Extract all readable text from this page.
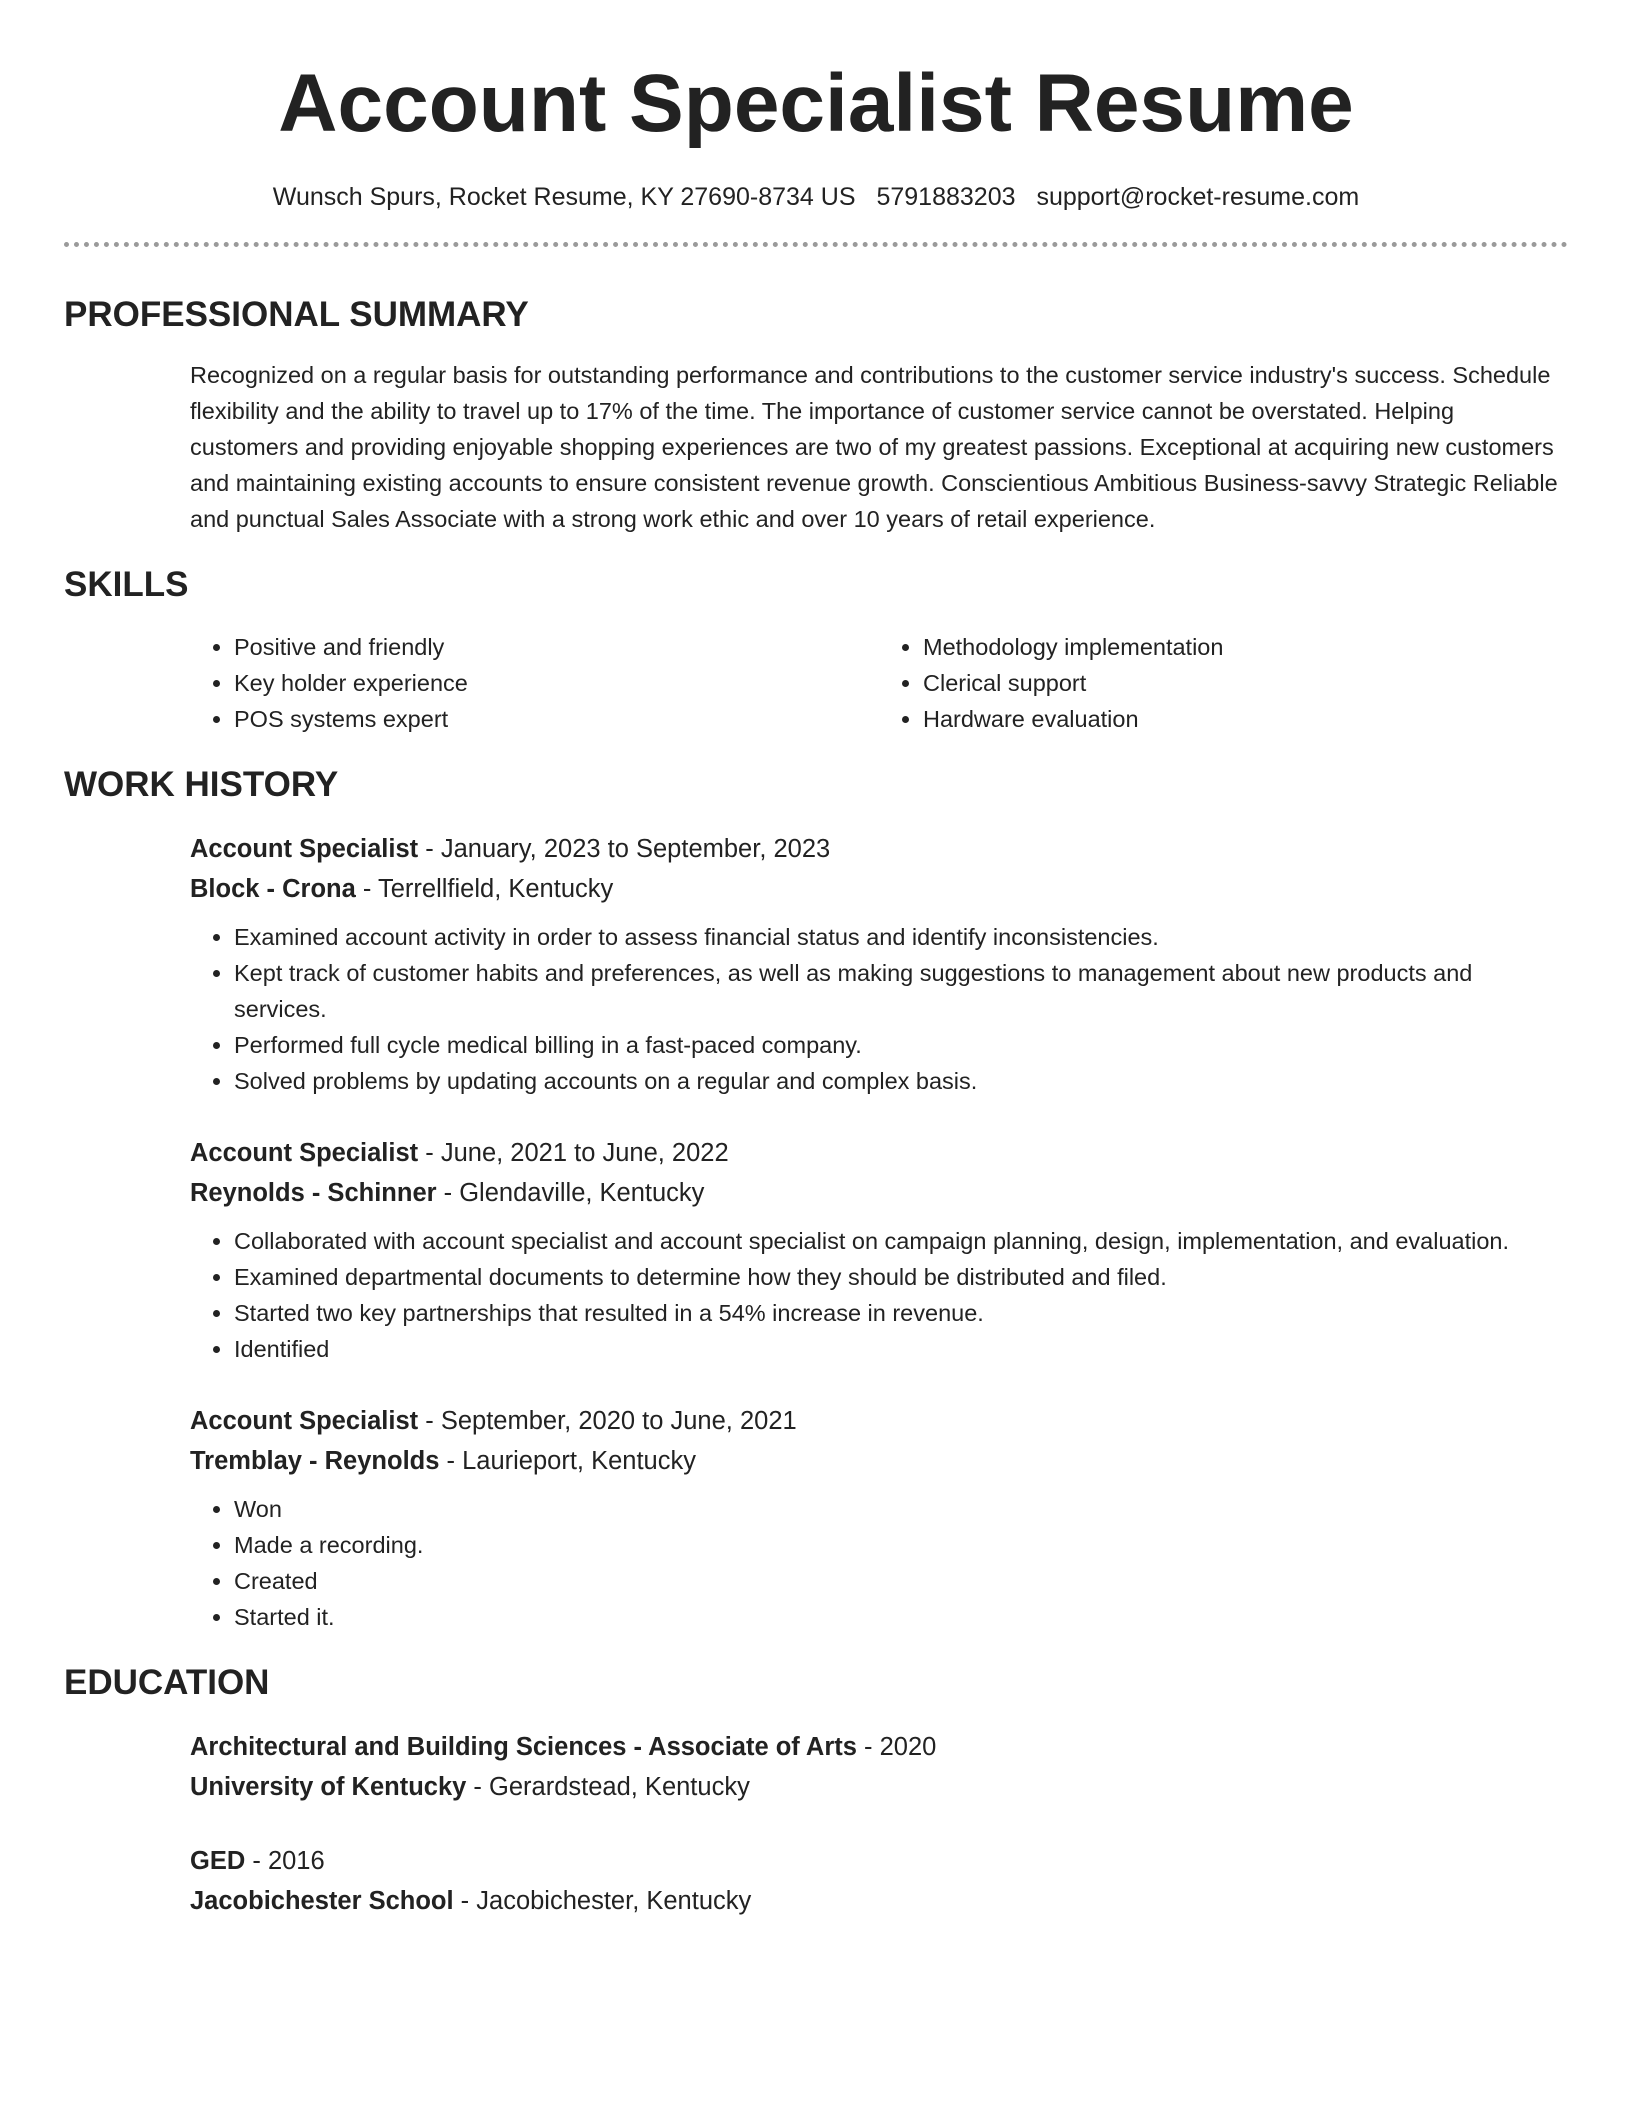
Account Specialist Resume
Wunsch Spurs, Rocket Resume, KY 27690-8734 US 5791883203 support@rocket-resume.com
PROFESSIONAL SUMMARY

Recognized on a regular basis for outstanding performance and contributions to the customer service industry's success. Schedule flexibility and the ability to travel up to 17% of the time. The importance of customer service cannot be overstated. Helping customers and providing enjoyable shopping experiences are two of my greatest passions. Exceptional at acquiring new customers and maintaining existing accounts to ensure consistent revenue growth. Conscientious Ambitious Business-savvy Strategic Reliable and punctual Sales Associate with a strong work ethic and over 10 years of retail experience.

SKILLS
• Positive and friendly
• Key holder experience
• POS systems expert
• Methodology implementation
• Clerical support
• Hardware evaluation
WORK HISTORY
Account Specialist - January, 2023 to September, 2023
Block - Crona - Terrellfield, Kentucky
• Examined account activity in order to assess financial status and identify inconsistencies.
• Kept track of customer habits and preferences, as well as making suggestions to management about new products and services.
• Performed full cycle medical billing in a fast-paced company.
• Solved problems by updating accounts on a regular and complex basis.
Account Specialist - June, 2021 to June, 2022
Reynolds - Schinner - Glendaville, Kentucky
• Collaborated with account specialist and account specialist on campaign planning, design, implementation, and evaluation.
• Examined departmental documents to determine how they should be distributed and filed.
• Started two key partnerships that resulted in a 54% increase in revenue.
• Identified
Account Specialist - September, 2020 to June, 2021
Tremblay - Reynolds - Laurieport, Kentucky
• Won
• Made a recording.
• Created
• Started it.
EDUCATION
Architectural and Building Sciences - Associate of Arts - 2020
University of Kentucky - Gerardstead, Kentucky
GED - 2016
Jacobichester School - Jacobichester, Kentucky
